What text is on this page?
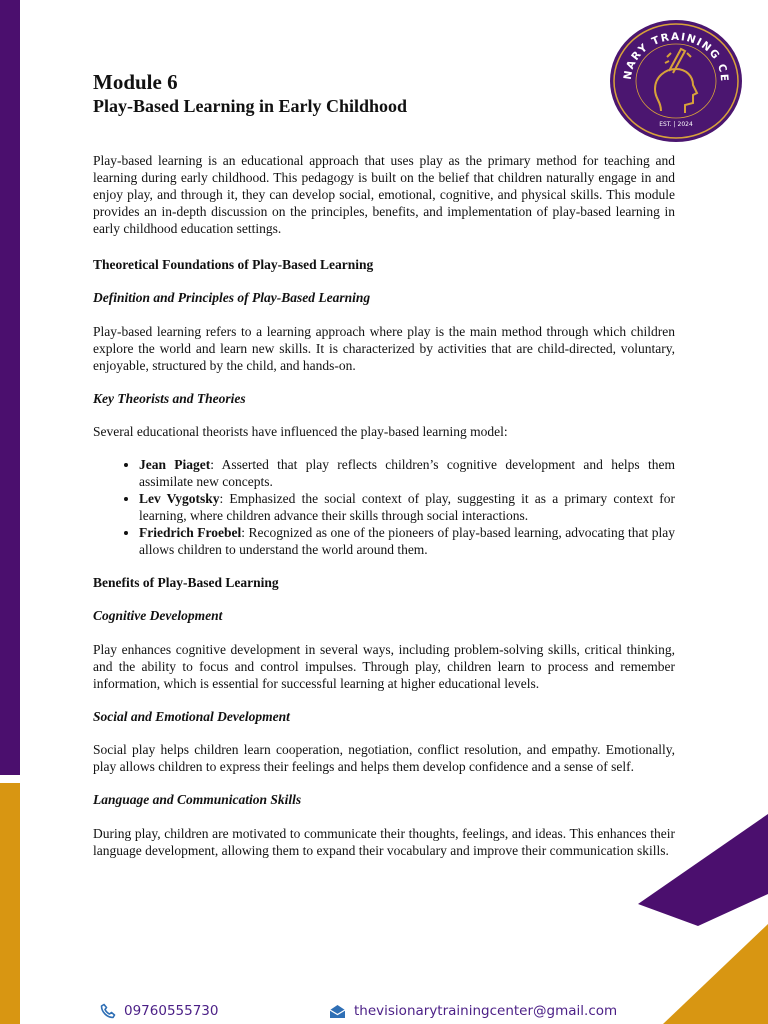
NARY TRAINING CE
EST. | 2024
Module 6
Play-Based Learning in Early Childhood

Play-based learning is an educational approach that uses play as the primary method for teaching and learning during early childhood. This pedagogy is built on the belief that children naturally engage in and enjoy play, and through it, they can develop social, emotional, cognitive, and physical skills. This module provides an in-depth discussion on the principles, benefits, and implementation of play-based learning in early childhood education settings.

Theoretical Foundations of Play-Based Learning

Definition and Principles of Play-Based Learning

Play-based learning refers to a learning approach where play is the main method through which children explore the world and learn new skills. It is characterized by activities that are child-directed, voluntary, enjoyable, structured by the child, and hands-on.

Key Theorists and Theories

Several educational theorists have influenced the play-based learning model:

• Jean Piaget: Asserted that play reflects children’s cognitive development and helps them assimilate new concepts.
• Lev Vygotsky: Emphasized the social context of play, suggesting it as a primary context for learning, where children advance their skills through social interactions.
• Friedrich Froebel: Recognized as one of the pioneers of play-based learning, advocating that play allows children to understand the world around them.

Benefits of Play-Based Learning

Cognitive Development

Play enhances cognitive development in several ways, including problem-solving skills, critical thinking, and the ability to focus and control impulses. Through play, children learn to process and remember information, which is essential for successful learning at higher educational levels.

Social and Emotional Development

Social play helps children learn cooperation, negotiation, conflict resolution, and empathy. Emotionally, play allows children to express their feelings and helps them develop confidence and a sense of self.

Language and Communication Skills

During play, children are motivated to communicate their thoughts, feelings, and ideas. This enhances their language development, allowing them to expand their vocabulary and improve their communication skills.

09760555730	thevisionarytrainingcenter@gmail.com
